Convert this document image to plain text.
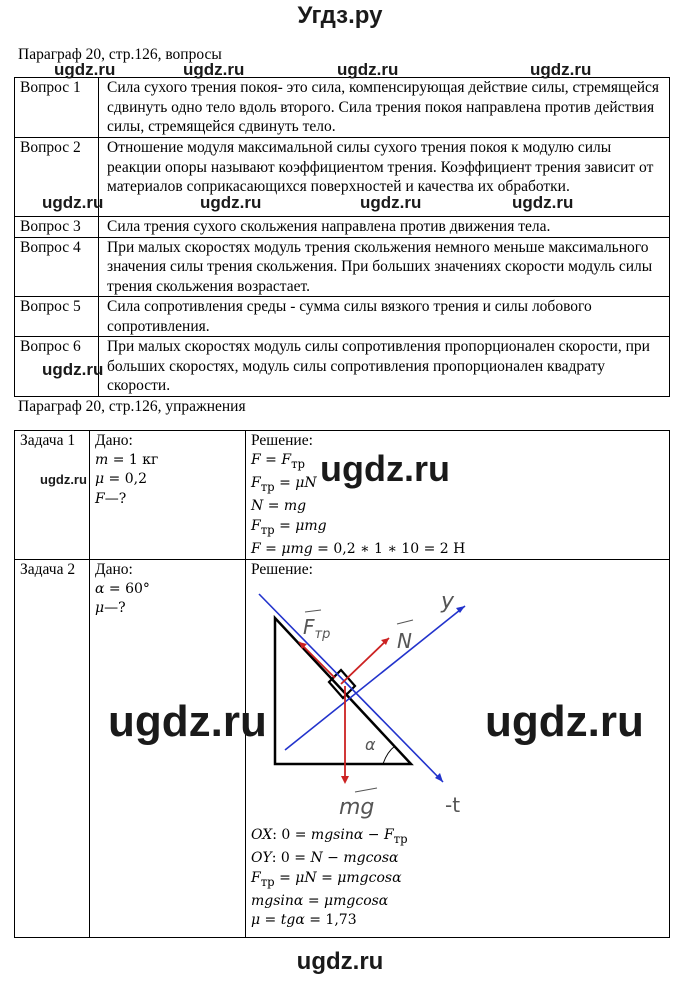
Угдз.ру
Параграф 20, стр.126, вопросы
Вопрос 1	Сила сухого трения покоя- это сила, компенсирующая действие силы, стремящейся сдвинуть одно тело вдоль второго. Сила трения покоя направлена против действия силы, стремящейся сдвинуть тело.
Вопрос 2	Отношение модуля максимальной силы сухого трения покоя к модулю силы реакции опоры называют коэффициентом трения. Коэффициент трения зависит от материалов соприкасающихся поверхностей и качества их обработки.
Вопрос 3	Сила трения сухого скольжения направлена против движения тела.
Вопрос 4	При малых скоростях модуль трения скольжения немного меньше максимального значения силы трения скольжения. При больших значениях скорости модуль силы трения скольжения возрастает.
Вопрос 5	Сила сопротивления среды - сумма силы вязкого трения и силы лобового сопротивления.
Вопрос 6	При малых скоростях модуль силы сопротивления пропорционален скорости, при больших скоростях, модуль силы сопротивления пропорционален квадрату скорости.
Параграф 20, стр.126, упражнения
Задача 1	Дано:
m = 1 кг
μ = 0,2
F—?

Решение:
$F = F_{тр}$
$F_{тр} = \mu N$
N = mg
$F_{тр} = \mu mg$
F = μmg = 0,2 ∗ 1 ∗ 10 = 2 Н

Задача 2	Дано:
α = 60°
μ—?

Решение:
$F_{тр}$	N
y
α
mg	-t
OX: $0 = mgsin\alpha - F_{тр}$
OY: 0 = N − mgcosα
$F_{тр} = \mu N = \mu mgcos\alpha$
mgsinα = μmgcosα
μ = tgα = 1,73
ugdz.ru	ugdz.ru	ugdz.ru	ugdz.ru
ugdz.ru	ugdz.ru	ugdz.ru	ugdz.ru
ugdz.ru
ugdz.ru	ugdz.ru
ugdz.ru	ugdz.ru
ugdz.ru
